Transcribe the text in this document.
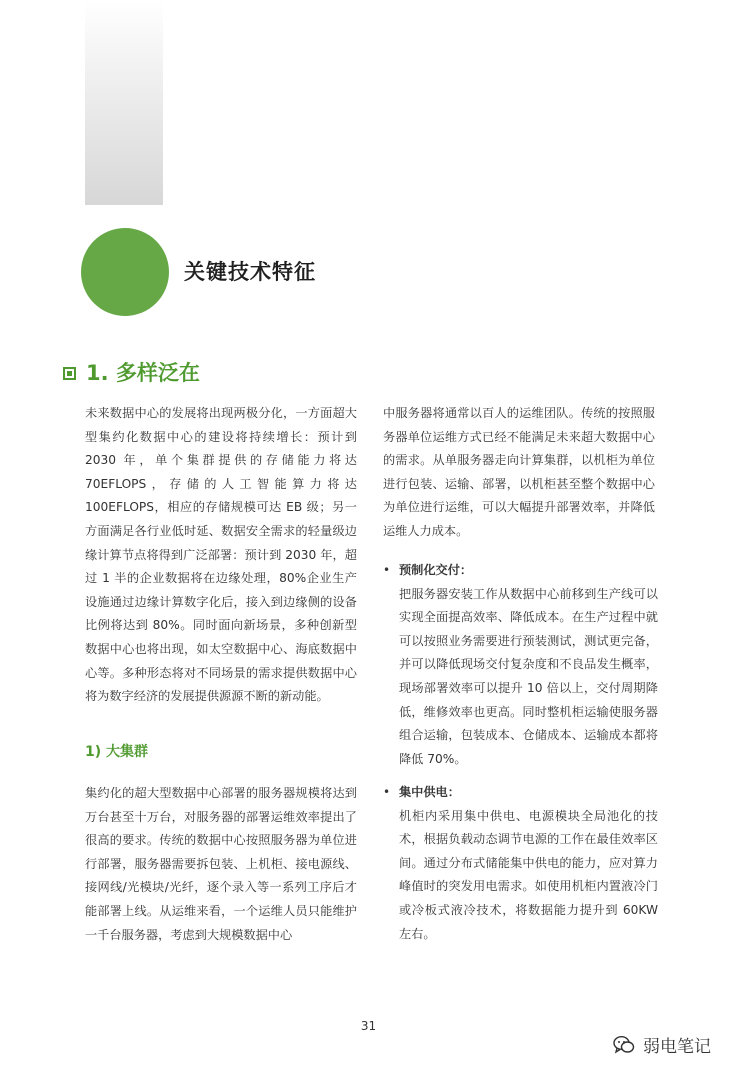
关键技术特征
1. 多样泛在

未来数据中心的发展将出现两极分化，一方面超大型集约化数据中心的建设将持续增长：预计到 2030 年，单个集群提供的存储能力将达 70EFLOPS，存储的人工智能算力将达 100EFLOPS，相应的存储规模可达 EB 级；另一方面满足各行业低时延、数据安全需求的轻量级边缘计算节点将得到广泛部署：预计到 2030 年，超过 1 半的企业数据将在边缘处理，80%企业生产设施通过边缘计算数字化后，接入到边缘侧的设备比例将达到 80%。同时面向新场景，多种创新型数据中心也将出现，如太空数据中心、海底数据中心等。多种形态将对不同场景的需求提供数据中心将为数字经济的发展提供源源不断的新动能。

1) 大集群

集约化的超大型数据中心部署的服务器规模将达到万台甚至十万台，对服务器的部署运维效率提出了很高的要求。传统的数据中心按照服务器为单位进行部署，服务器需要拆包装、上机柜、接电源线、接网线/光模块/光纤，逐个录入等一系列工序后才能部署上线。从运维来看，一个运维人员只能维护一千台服务器，考虑到大规模数据中心

中服务器将通常以百人的运维团队。传统的按照服务器单位运维方式已经不能满足未来超大数据中心的需求。从单服务器走向计算集群，以机柜为单位进行包装、运输、部署，以机柜甚至整个数据中心为单位进行运维，可以大幅提升部署效率，并降低运维人力成本。

• 预制化交付：
把服务器安装工作从数据中心前移到生产线可以实现全面提高效率、降低成本。在生产过程中就可以按照业务需要进行预装测试，测试更完备，并可以降低现场交付复杂度和不良品发生概率，现场部署效率可以提升 10 倍以上，交付周期降低，维修效率也更高。同时整机柜运输使服务器组合运输，包装成本、仓储成本、运输成本都将降低 70%。
• 集中供电：
机柜内采用集中供电、电源模块全局池化的技术，根据负载动态调节电源的工作在最佳效率区间。通过分布式储能集中供电的能力，应对算力峰值时的突发用电需求。如使用机柜内置液冷门或冷板式液冷技术，将数据能力提升到 60KW 左右。
31
弱电笔记
